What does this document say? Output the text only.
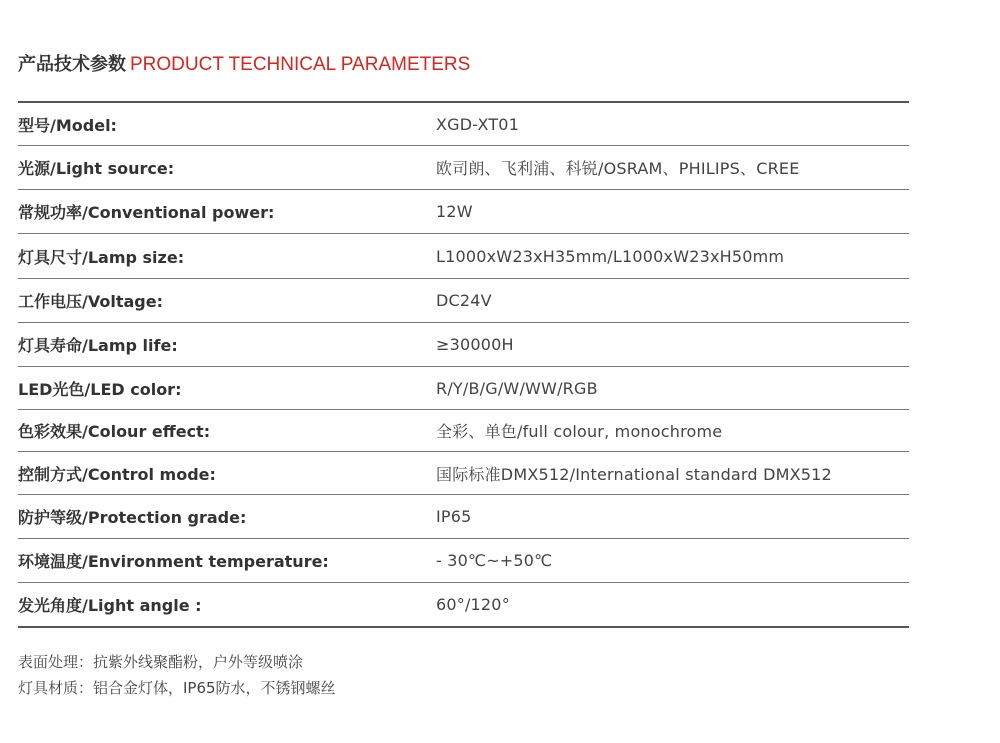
产品技术参数 PRODUCT TECHNICAL PARAMETERS
型号/Model:	XGD-XT01
光源/Light source:	欧司朗、飞利浦、科锐/OSRAM、PHILIPS、CREE
常规功率/Conventional power:	12W
灯具尺寸/Lamp size:	L1000xW23xH35mm/L1000xW23xH50mm
工作电压/Voltage:	DC24V
灯具寿命/Lamp life:	≥30000H
LED光色/LED color:	R/Y/B/G/W/WW/RGB
色彩效果/Colour effect:	全彩、单色/full colour, monochrome
控制方式/Control mode:	国际标准DMX512/International standard DMX512
防护等级/Protection grade:	IP65
环境温度/Environment temperature:	- 30℃~+50℃
发光角度/Light angle :	60°/120°
表面处理：抗紫外线聚酯粉，户外等级喷涂
灯具材质：铝合金灯体，IP65防水，不锈钢螺丝
